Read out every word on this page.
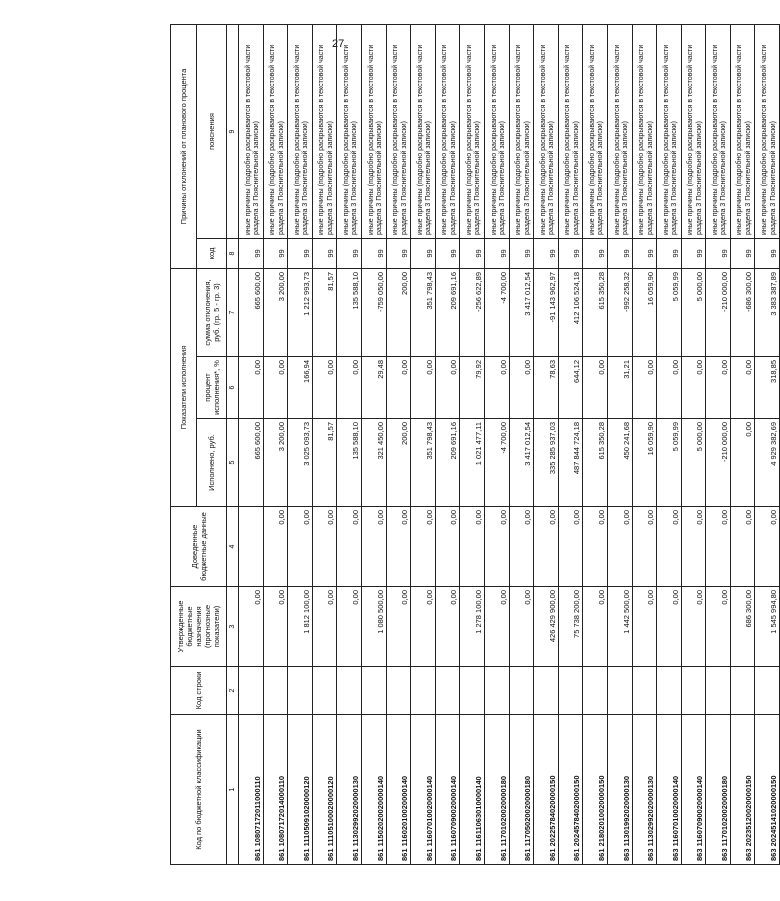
27
Код по бюджетной классификации	Код строки	Утвержденные бюджетные назначения (прогнозные показатели)	Доведенные бюджетные данные	Показатели исполнения			Причины отклонений от планового процента	
				Исполнено, руб.	процент исполнения*, %	сумма отклонения, руб. (гр. 5 - гр. 3)	код	пояснения
1	2	3	4	5	6	7	8	9
861 10807172011000110		0,00		665 600,00	0,00	665 600,00	99	иные причины (подробно раскрываются в текстовой части раздела 3 Пояснительной записки)
861 10807172014000110		0,00	0,00	3 200,00	0,00	3 200,00	99	иные причины (подробно раскрываются в текстовой части раздела 3 Пояснительной записки)
861 11105091020000120		1 812 100,00	0,00	3 025 093,73	166,94	1 212 993,73	99	иные причины (подробно раскрываются в текстовой части раздела 3 Пояснительной записки)
861 11105100020000120		0,00	0,00	81,57	0,00	81,57	99	иные причины (подробно раскрываются в текстовой части раздела 3 Пояснительной записки)
861 11302992020000130		0,00	0,00	135 588,10	0,00	135 588,10	99	иные причины (подробно раскрываются в текстовой части раздела 3 Пояснительной записки)
861 11502020020000140		1 080 500,00	0,00	321 450,00	29,48	-759 050,00	99	иные причины (подробно раскрываются в текстовой части раздела 3 Пояснительной записки)
861 11602010020000140		0,00	0,00	200,00	0,00	200,00	99	иные причины (подробно раскрываются в текстовой части раздела 3 Пояснительной записки)
861 11607010020000140		0,00	0,00	351 798,43	0,00	351 798,43	99	иные причины (подробно раскрываются в текстовой части раздела 3 Пояснительной записки)
861 11607090020000140		0,00	0,00	209 691,16	0,00	209 691,16	99	иные причины (подробно раскрываются в текстовой части раздела 3 Пояснительной записки)
861 11611063010000140		1 278 100,00	0,00	1 021 477,11	79,92	-256 622,89	99	иные причины (подробно раскрываются в текстовой части раздела 3 Пояснительной записки)
861 11701020020000180		0,00	0,00	-4 700,00	0,00	-4 700,00	99	иные причины (подробно раскрываются в текстовой части раздела 3 Пояснительной записки)
861 11705020020000180		0,00	0,00	3 417 012,54	0,00	3 417 012,54	99	иные причины (подробно раскрываются в текстовой части раздела 3 Пояснительной записки)
861 20225784020000150		426 429 900,00	0,00	335 285 937,03	78,63	-91 143 962,97	99	иные причины (подробно раскрываются в текстовой части раздела 3 Пояснительной записки)
861 20245784020000150		75 738 200,00	0,00	487 844 724,18	644,12	412 106 524,18	99	иные причины (подробно раскрываются в текстовой части раздела 3 Пояснительной записки)
861 21802010020000150		0,00	0,00	615 350,28	0,00	615 350,28	99	иные причины (подробно раскрываются в текстовой части раздела 3 Пояснительной записки)
863 11301992020000130		1 442 500,00	0,00	450 241,68	31,21	-992 258,32	99	иные причины (подробно раскрываются в текстовой части раздела 3 Пояснительной записки)
863 11302992020000130		0,00	0,00	16 059,90	0,00	16 059,90	99	иные причины (подробно раскрываются в текстовой части раздела 3 Пояснительной записки)
863 11607010020000140		0,00	0,00	5 059,99	0,00	5 059,99	99	иные причины (подробно раскрываются в текстовой части раздела 3 Пояснительной записки)
863 11607090020000140		0,00	0,00	5 000,00	0,00	5 000,00	99	иные причины (подробно раскрываются в текстовой части раздела 3 Пояснительной записки)
863 11701020020000180		0,00	0,00	-210 000,00	0,00	-210 000,00	99	иные причины (подробно раскрываются в текстовой части раздела 3 Пояснительной записки)
863 20235120020000150		686 300,00	0,00	0,00	0,00	-686 300,00	99	иные причины (подробно раскрываются в текстовой части раздела 3 Пояснительной записки)
863 20245141020000150		1 545 994,80	0,00	4 929 382,69	318,85	3 383 387,89	99	иные причины (подробно раскрываются в текстовой части раздела 3 Пояснительной записки)
